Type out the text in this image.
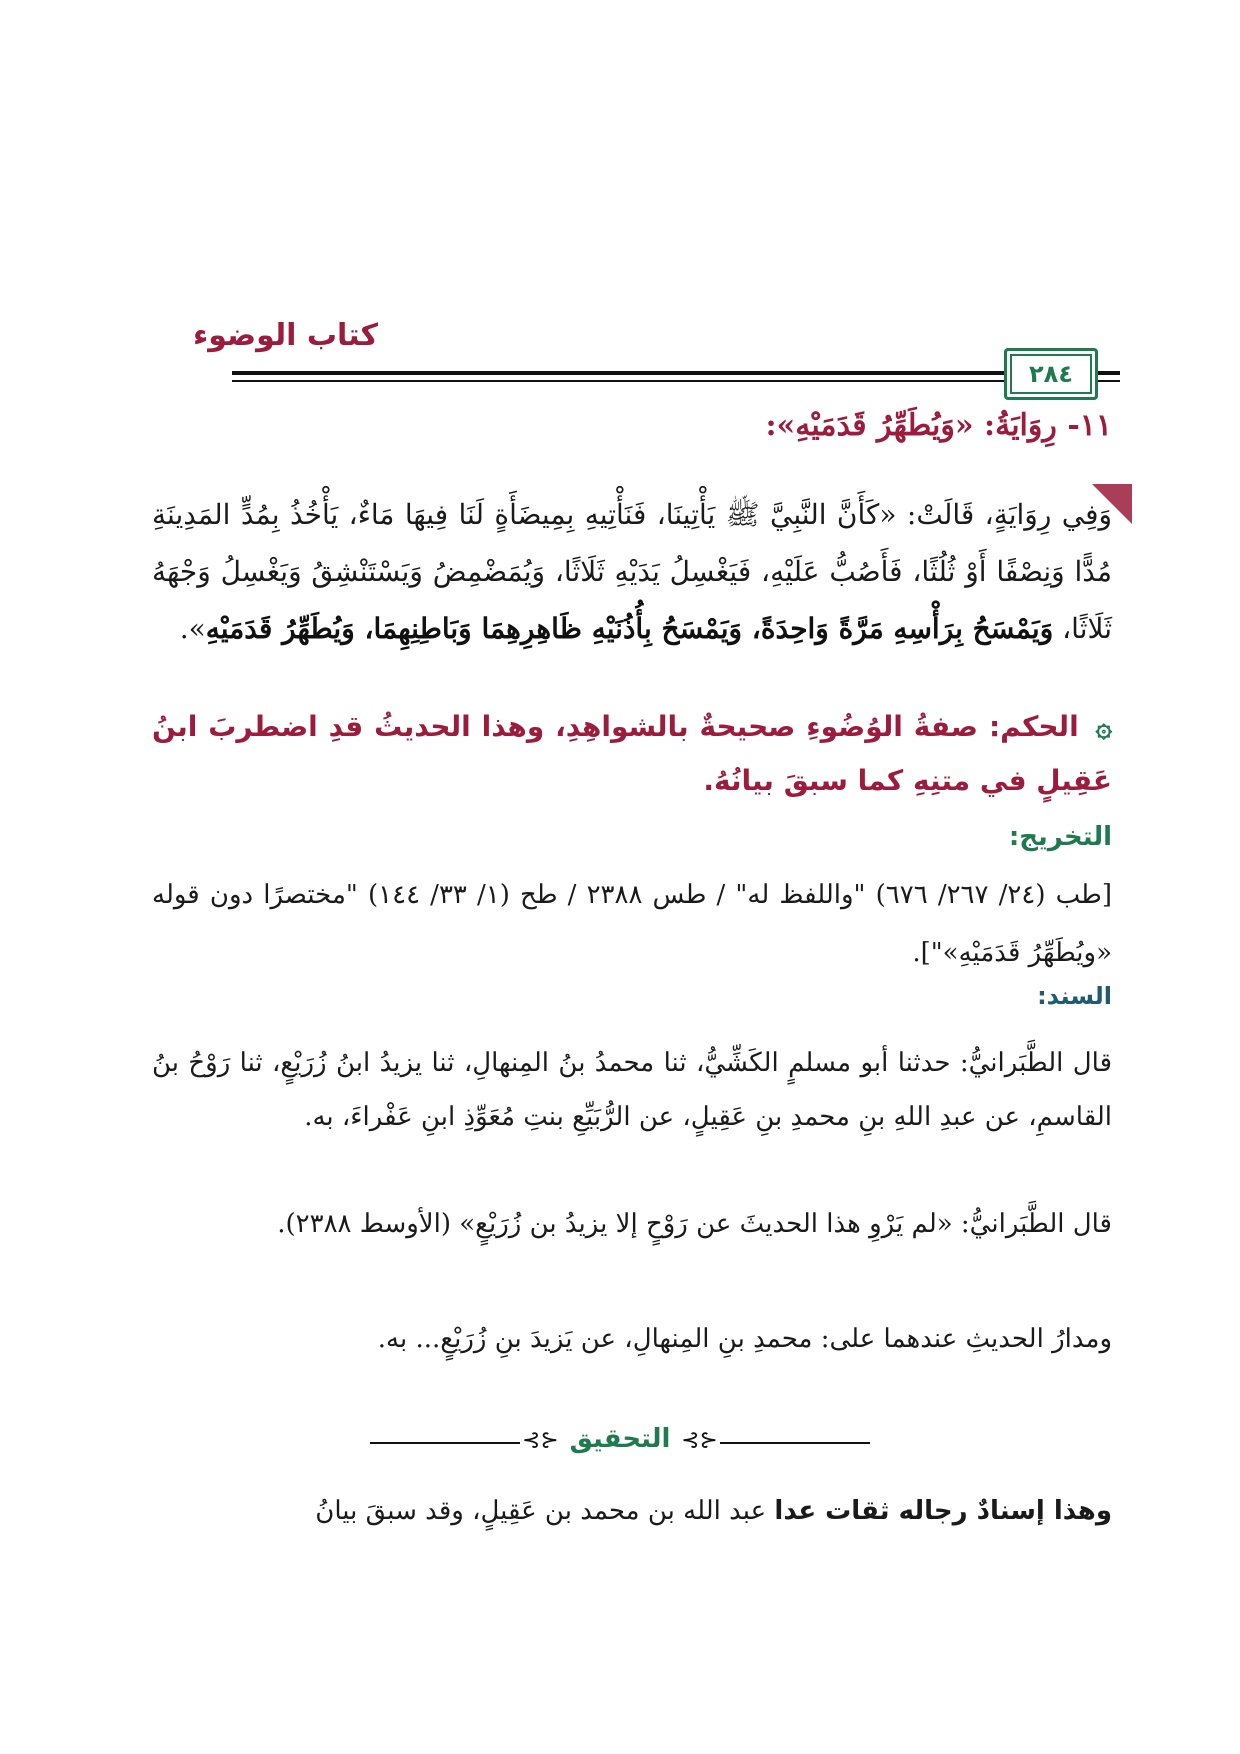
كتاب الوضوء
٢٨٤
١١- رِوَايَةُ: «وَيُطَهِّرُ قَدَمَيْهِ»:
وَفِي رِوَايَةٍ، قَالَتْ: «كَأَنَّ النَّبِيَّ ﷺ يَأْتِينَا، فَنَأْتِيهِ بِمِيضَأَةٍ لَنَا فِيهَا مَاءٌ، يَأْخُذُ بِمُدٍّ المَدِينَةِ مُدًّا وَنِصْفًا أَوْ ثُلُثًا، فَأَصُبُّ عَلَيْهِ، فَيَغْسِلُ يَدَيْهِ ثَلَاثًا، وَيُمَضْمِضُ وَيَسْتَنْشِقُ وَيَغْسِلُ وَجْهَهُ ثَلَاثًا، وَيَمْسَحُ بِرَأْسِهِ مَرَّةً وَاحِدَةً، وَيَمْسَحُ بِأُذُنَيْهِ ظَاهِرِهِمَا وَبَاطِنِهِمَا، وَيُطَهِّرُ قَدَمَيْهِ».
۞ الحكم: صفةُ الوُضُوءِ صحيحةٌ بالشواهِدِ، وهذا الحديثُ قدِ اضطربَ ابنُ عَقِيلٍ في متنِهِ كما سبقَ بيانُهُ.
التخريج:
[طب (٢٤/ ٢٦٧/ ٦٧٦) "واللفظ له" / طس ٢٣٨٨ / طح (١/ ٣٣/ ١٤٤) "مختصرًا دون قوله «ويُطَهِّرُ قَدَمَيْهِ»"].
السند:
قال الطَّبَرانيُّ: حدثنا أبو مسلمٍ الكَشِّيُّ، ثنا محمدُ بنُ المِنهالِ، ثنا يزيدُ ابنُ زُرَيْعٍ، ثنا رَوْحُ بنُ القاسمِ، عن عبدِ اللهِ بنِ محمدِ بنِ عَقِيلٍ، عن الرُّبَيِّعِ بنتِ مُعَوِّذِ ابنِ عَفْراءَ، به.
قال الطَّبَرانيُّ: «لم يَرْوِ هذا الحديثَ عن رَوْحٍ إلا يزيدُ بن زُرَيْعٍ» (الأوسط ٢٣٨٨).
ومدارُ الحديثِ عندهما على: محمدِ بنِ المِنهالِ، عن يَزيدَ بنِ زُرَيْعٍ... به.
⊰⊱	⊰⊱
التحقيق
وهذا إسنادٌ رجاله ثقات عدا عبد الله بن محمد بن عَقِيلٍ، وقد سبقَ بيانُ
